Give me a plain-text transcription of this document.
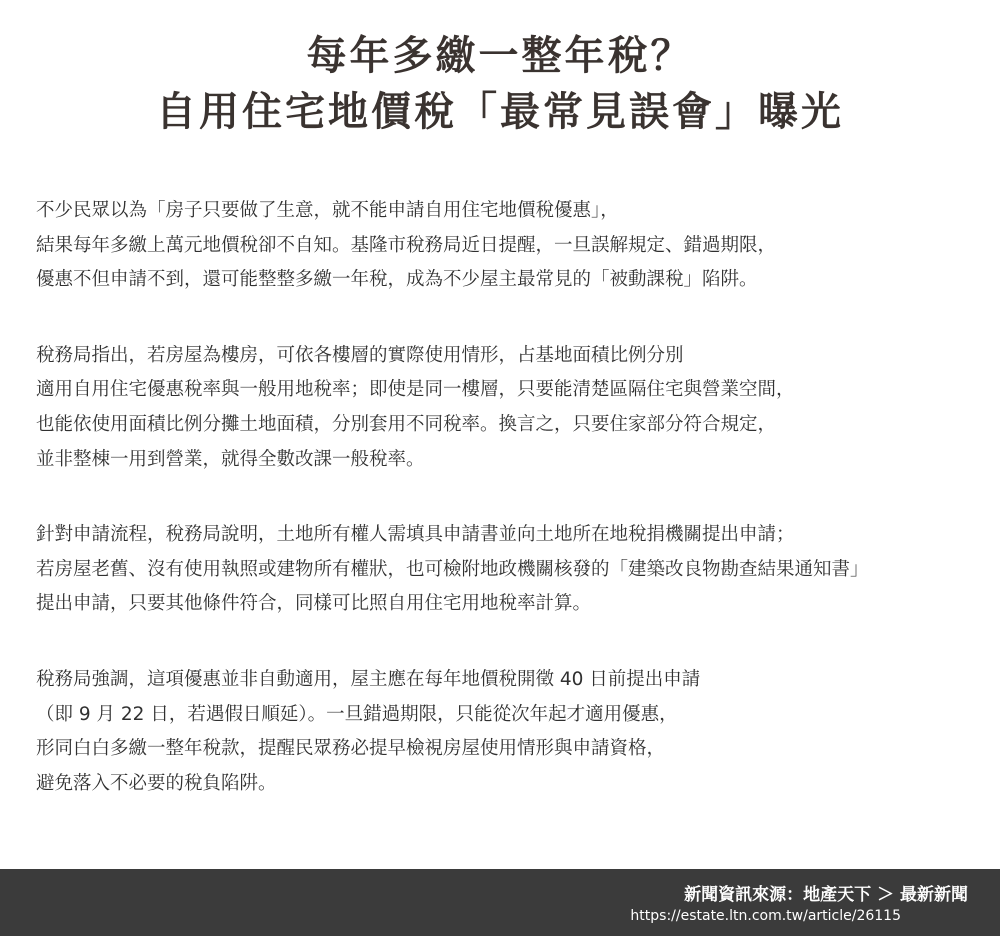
每年多繳一整年稅？
自用住宅地價稅「最常見誤會」曝光
不少民眾以為「房子只要做了生意，就不能申請自用住宅地價稅優惠」，
結果每年多繳上萬元地價稅卻不自知。基隆市稅務局近日提醒，一旦誤解規定、錯過期限，
優惠不但申請不到，還可能整整多繳一年稅，成為不少屋主最常見的「被動課稅」陷阱。
稅務局指出，若房屋為樓房，可依各樓層的實際使用情形，占基地面積比例分別
適用自用住宅優惠稅率與一般用地稅率；即使是同一樓層，只要能清楚區隔住宅與營業空間，
也能依使用面積比例分攤土地面積，分別套用不同稅率。換言之，只要住家部分符合規定，
並非整棟一用到營業，就得全數改課一般稅率。
針對申請流程，稅務局說明，土地所有權人需填具申請書並向土地所在地稅捐機關提出申請；
若房屋老舊、沒有使用執照或建物所有權狀，也可檢附地政機關核發的「建築改良物勘查結果通知書」
提出申請，只要其他條件符合，同樣可比照自用住宅用地稅率計算。
稅務局強調，這項優惠並非自動適用，屋主應在每年地價稅開徵 40 日前提出申請
（即 9 月 22 日，若遇假日順延）。一旦錯過期限，只能從次年起才適用優惠，
形同白白多繳一整年稅款，提醒民眾務必提早檢視房屋使用情形與申請資格，
避免落入不必要的稅負陷阱。
新聞資訊來源：地產天下 ＞ 最新新聞
https://estate.ltn.com.tw/article/26115
